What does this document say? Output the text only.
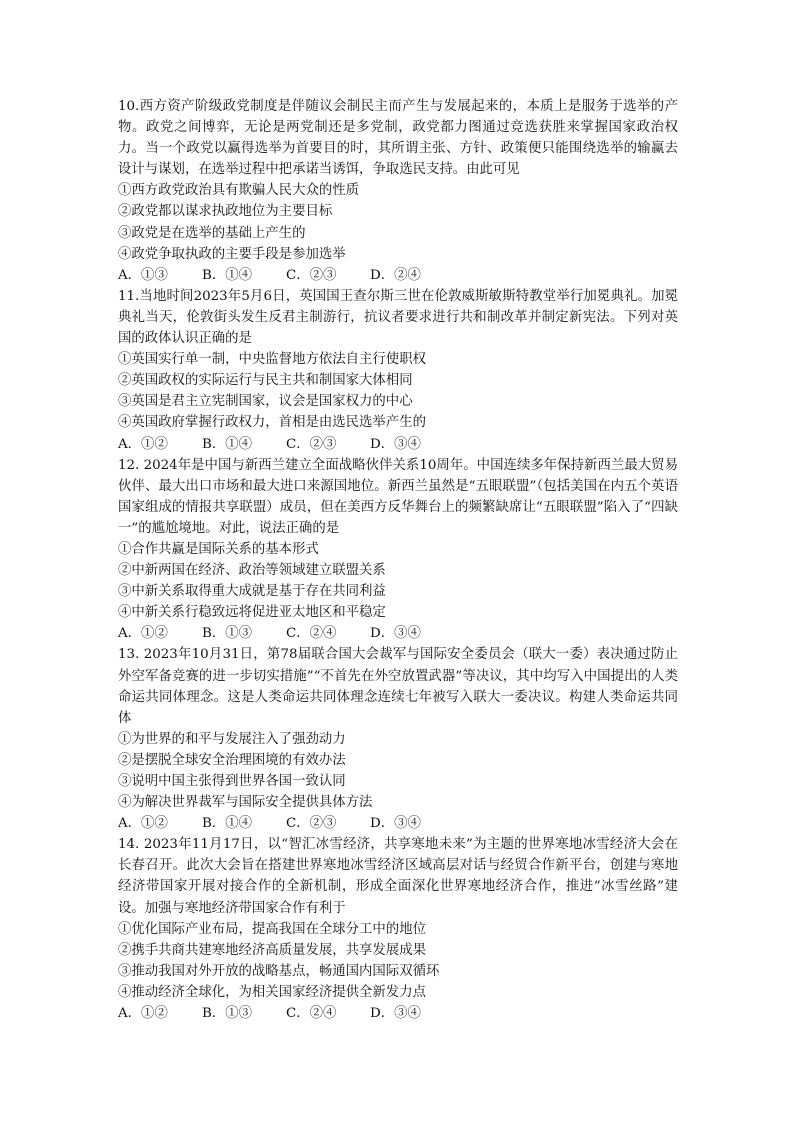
10.西方资产阶级政党制度是伴随议会制民主而产生与发展起来的，本质上是服务于选举的产物。政党之间博弈，无论是两党制还是多党制，政党都力图通过竞选获胜来掌握国家政治权力。当一个政党以赢得选举为首要目的时，其所谓主张、方针、政策便只能围绕选举的输赢去设计与谋划，在选举过程中把承诺当诱饵，争取选民支持。由此可见

①西方政党政治具有欺骗人民大众的性质

②政党都以谋求执政地位为主要目标

③政党是在选举的基础上产生的

④政党争取执政的主要手段是参加选举

A．①③	B．①④	C．②③	D．②④

11.当地时间2023年5月6日，英国国王查尔斯三世在伦敦威斯敏斯特教堂举行加冕典礼。加冕典礼当天，伦敦街头发生反君主制游行，抗议者要求进行共和制改革并制定新宪法。下列对英国的政体认识正确的是

①英国实行单一制，中央监督地方依法自主行使职权

②英国政权的实际运行与民主共和制国家大体相同

③英国是君主立宪制国家，议会是国家权力的中心

④英国政府掌握行政权力，首相是由选民选举产生的

A．①②	B．①④	C．②③	D．③④

12. 2024年是中国与新西兰建立全面战略伙伴关系10周年。中国连续多年保持新西兰最大贸易伙伴、最大出口市场和最大进口来源国地位。新西兰虽然是“五眼联盟”（包括美国在内五个英语国家组成的情报共享联盟）成员，但在美西方反华舞台上的频繁缺席让“五眼联盟”陷入了“四缺一”的尴尬境地。对此，说法正确的是

①合作共赢是国际关系的基本形式

②中新两国在经济、政治等领域建立联盟关系

③中新关系取得重大成就是基于存在共同利益

④中新关系行稳致远将促进亚太地区和平稳定

A．①②	B．①③	C．②④	D．③④

13. 2023年10月31日，第78届联合国大会裁军与国际安全委员会（联大一委）表决通过防止外空军备竞赛的进一步切实措施”“不首先在外空放置武器”等决议，其中均写入中国提出的人类命运共同体理念。这是人类命运共同体理念连续七年被写入联大一委决议。构建人类命运共同体

①为世界的和平与发展注入了强劲动力

②是摆脱全球安全治理困境的有效办法

③说明中国主张得到世界各国一致认同

④为解决世界裁军与国际安全提供具体方法

A．①②	B．①④	C．②③	D．③④

14. 2023年11月17日，以“智汇冰雪经济，共享寒地未来”为主题的世界寒地冰雪经济大会在长春召开。此次大会旨在搭建世界寒地冰雪经济区域高层对话与经贸合作新平台，创建与寒地经济带国家开展对接合作的全新机制，形成全面深化世界寒地经济合作，推进“冰雪丝路”建设。加强与寒地经济带国家合作有利于

①优化国际产业布局，提高我国在全球分工中的地位

②携手共商共建寒地经济高质量发展，共享发展成果

③推动我国对外开放的战略基点，畅通国内国际双循环

④推动经济全球化，为相关国家经济提供全新发力点

A．①②	B．①③	C．②④	D．③④
